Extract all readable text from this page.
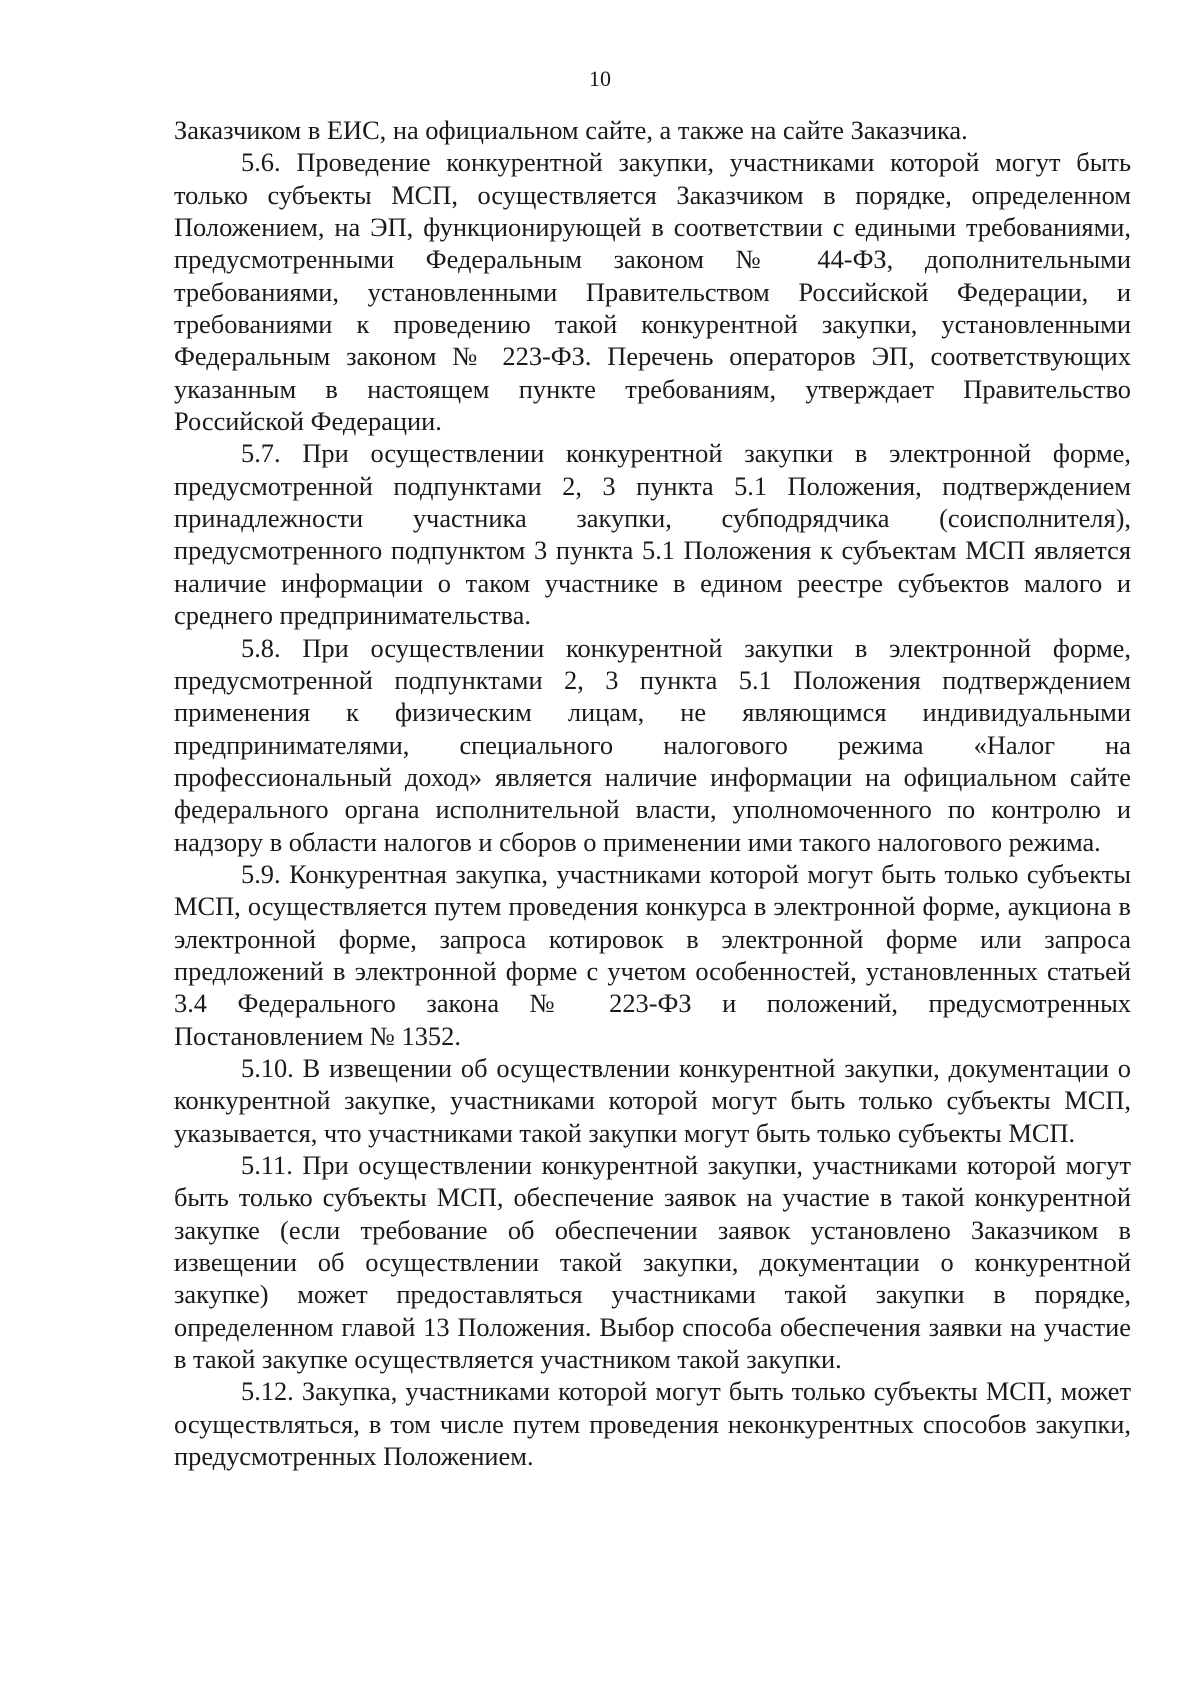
10

Заказчиком в ЕИС, на официальном сайте, а также на сайте Заказчика.

5.6. Проведение конкурентной закупки, участниками которой могут быть только субъекты МСП, осуществляется Заказчиком в порядке, определенном Положением, на ЭП, функционирующей в соответствии с едиными требованиями, предусмотренными Федеральным законом № 44-ФЗ, дополнительными требованиями, установленными Правительством Российской Федерации, и требованиями к проведению такой конкурентной закупки, установленными Федеральным законом № 223-ФЗ. Перечень операторов ЭП, соответствующих указанным в настоящем пункте требованиям, утверждает Правительство Российской Федерации.

5.7. При осуществлении конкурентной закупки в электронной форме, предусмотренной подпунктами 2, 3 пункта 5.1 Положения, подтверждением принадлежности участника закупки, субподрядчика (соисполнителя), предусмотренного подпунктом 3 пункта 5.1 Положения к субъектам МСП является наличие информации о таком участнике в едином реестре субъектов малого и среднего предпринимательства.

5.8. При осуществлении конкурентной закупки в электронной форме, предусмотренной подпунктами 2, 3 пункта 5.1 Положения подтверждением применения к физическим лицам, не являющимся индивидуальными предпринимателями, специального налогового режима «Налог на профессиональный доход» является наличие информации на официальном сайте федерального органа исполнительной власти, уполномоченного по контролю и надзору в области налогов и сборов о применении ими такого налогового режима.

5.9. Конкурентная закупка, участниками которой могут быть только субъекты МСП, осуществляется путем проведения конкурса в электронной форме, аукциона в электронной форме, запроса котировок в электронной форме или запроса предложений в электронной форме с учетом особенностей, установленных статьей 3.4 Федерального закона № 223-ФЗ и положений, предусмотренных Постановлением № 1352.

5.10. В извещении об осуществлении конкурентной закупки, документации о конкурентной закупке, участниками которой могут быть только субъекты МСП, указывается, что участниками такой закупки могут быть только субъекты МСП.

5.11. При осуществлении конкурентной закупки, участниками которой могут быть только субъекты МСП, обеспечение заявок на участие в такой конкурентной закупке (если требование об обеспечении заявок установлено Заказчиком в извещении об осуществлении такой закупки, документации о конкурентной закупке) может предоставляться участниками такой закупки в порядке, определенном главой 13 Положения. Выбор способа обеспечения заявки на участие в такой закупке осуществляется участником такой закупки.

5.12. Закупка, участниками которой могут быть только субъекты МСП, может осуществляться, в том числе путем проведения неконкурентных способов закупки, предусмотренных Положением.
